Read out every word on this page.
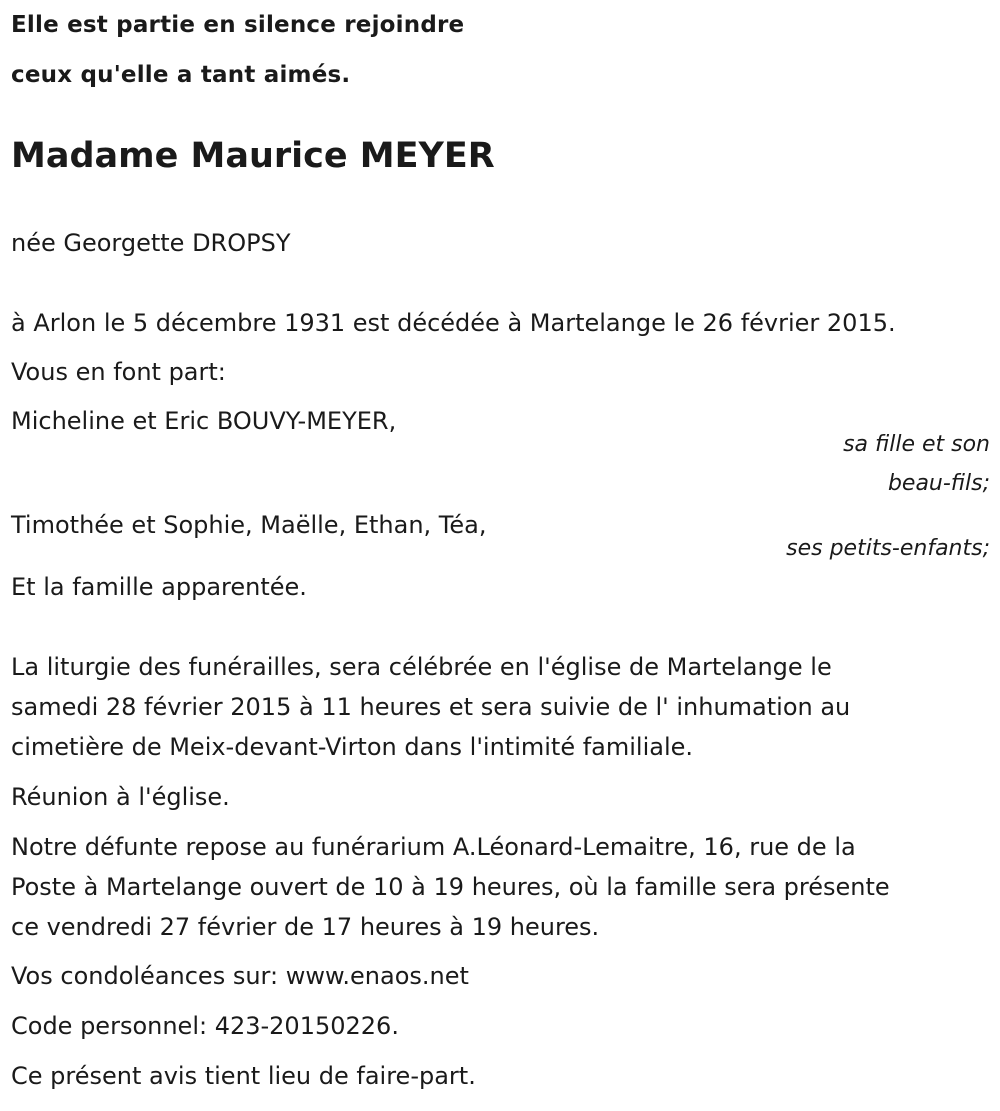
Elle est partie en silence rejoindre
ceux qu'elle a tant aimés.
Madame Maurice MEYER
née Georgette DROPSY
à Arlon le 5 décembre 1931 est décédée à Martelange le 26 février 2015.
Vous en font part:
Micheline et Eric BOUVY-MEYER,
sa fille et son
beau-fils;
Timothée et Sophie, Maëlle, Ethan, Téa,
ses petits-enfants;
Et la famille apparentée.
La liturgie des funérailles, sera célébrée en l'église de Martelange le
samedi 28 février 2015 à 11 heures et sera suivie de l' inhumation au
cimetière de Meix-devant-Virton dans l'intimité familiale.
Réunion à l'église.
Notre défunte repose au funérarium A.Léonard-Lemaitre, 16, rue de la
Poste à Martelange ouvert de 10 à 19 heures, où la famille sera présente
ce vendredi 27 février de 17 heures à 19 heures.
Vos condoléances sur: www.enaos.net
Code personnel: 423-20150226.
Ce présent avis tient lieu de faire-part.
